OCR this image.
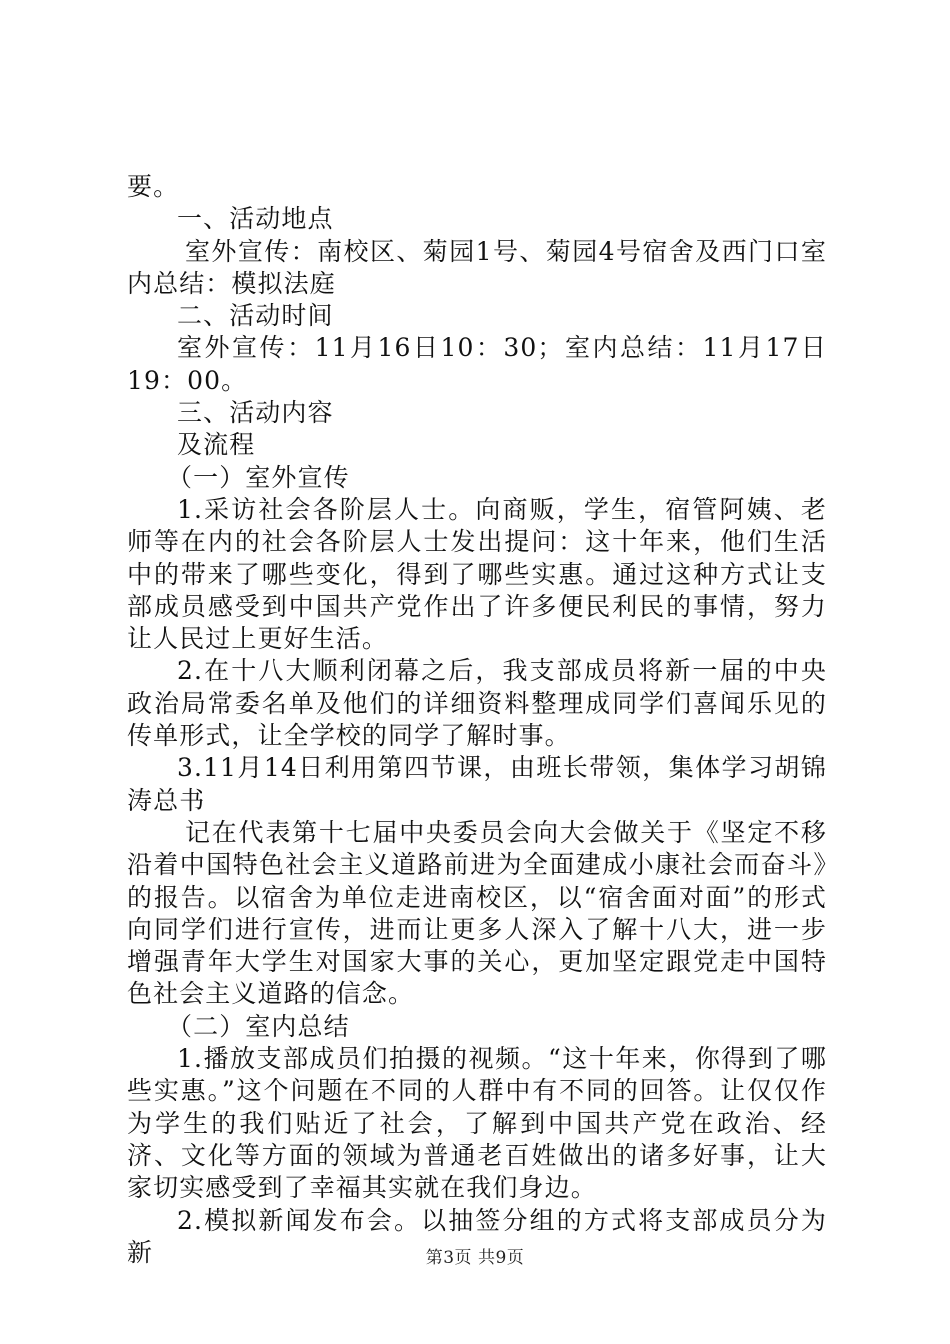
要。

一、活动地点

室外宣传：南校区、菊园1号、菊园4号宿舍及西门口室内总结：模拟法庭

二、活动时间

室外宣传：11月16日10：30；室内总结：11月17日19：00。

三、活动内容

及流程

（一）室外宣传

1.采访社会各阶层人士。向商贩，学生，宿管阿姨、老师等在内的社会各阶层人士发出提问：这十年来，他们生活中的带来了哪些变化，得到了哪些实惠。通过这种方式让支部成员感受到中国共产党作出了许多便民利民的事情，努力让人民过上更好生活。

2.在十八大顺利闭幕之后，我支部成员将新一届的中央政治局常委名单及他们的详细资料整理成同学们喜闻乐见的传单形式，让全学校的同学了解时事。

3.11月14日利用第四节课，由班长带领，集体学习胡锦涛总书

记在代表第十七届中央委员会向大会做关于《坚定不移沿着中国特色社会主义道路前进为全面建成小康社会而奋斗》的报告。以宿舍为单位走进南校区，以“宿舍面对面”的形式向同学们进行宣传，进而让更多人深入了解十八大，进一步增强青年大学生对国家大事的关心，更加坚定跟党走中国特色社会主义道路的信念。

（二）室内总结

1.播放支部成员们拍摄的视频。“这十年来，你得到了哪些实惠。”这个问题在不同的人群中有不同的回答。让仅仅作为学生的我们贴近了社会，了解到中国共产党在政治、经济、文化等方面的领域为普通老百姓做出的诸多好事，让大家切实感受到了幸福其实就在我们身边。

2.模拟新闻发布会。以抽签分组的方式将支部成员分为新	第3页 共9页
